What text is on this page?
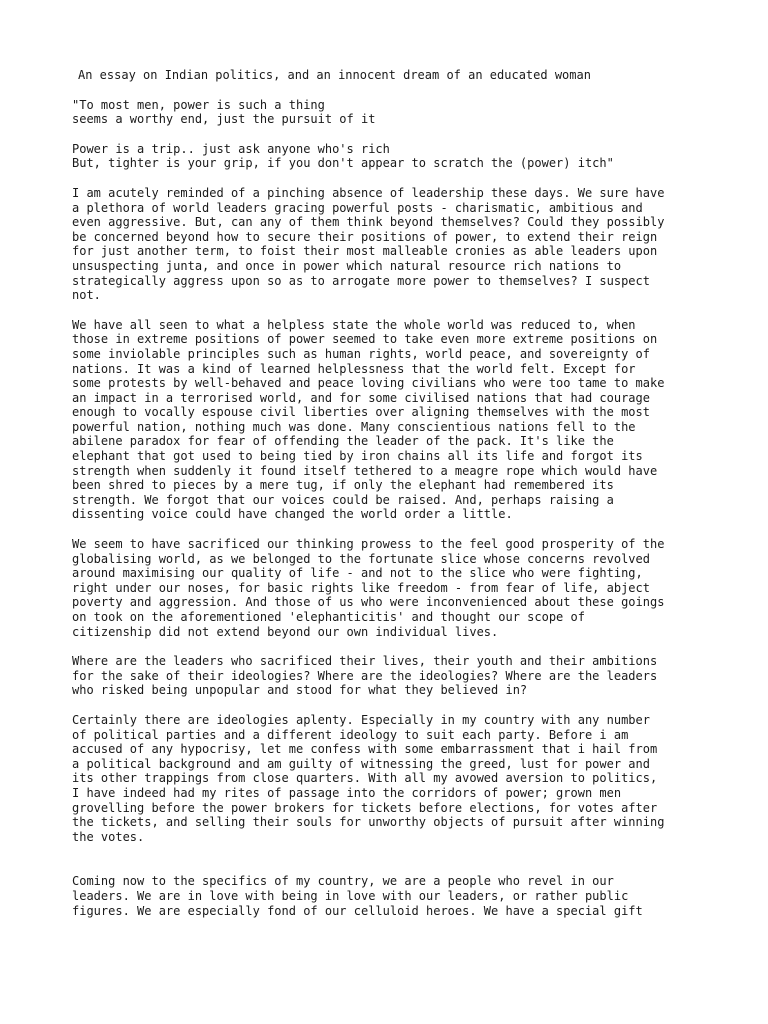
An essay on Indian politics, and an innocent dream of an educated woman
"To most men, power is such a thing
seems a worthy end, just the pursuit of it
Power is a trip.. just ask anyone who's rich
But, tighter is your grip, if you don't appear to scratch the (power) itch"
I am acutely reminded of a pinching absence of leadership these days. We sure have
a plethora of world leaders gracing powerful posts - charismatic, ambitious and
even aggressive. But, can any of them think beyond themselves? Could they possibly
be concerned beyond how to secure their positions of power, to extend their reign
for just another term, to foist their most malleable cronies as able leaders upon
unsuspecting junta, and once in power which natural resource rich nations to
strategically aggress upon so as to arrogate more power to themselves? I suspect
not.
We have all seen to what a helpless state the whole world was reduced to, when
those in extreme positions of power seemed to take even more extreme positions on
some inviolable principles such as human rights, world peace, and sovereignty of
nations. It was a kind of learned helplessness that the world felt. Except for
some protests by well-behaved and peace loving civilians who were too tame to make
an impact in a terrorised world, and for some civilised nations that had courage
enough to vocally espouse civil liberties over aligning themselves with the most
powerful nation, nothing much was done. Many conscientious nations fell to the
abilene paradox for fear of offending the leader of the pack. It's like the
elephant that got used to being tied by iron chains all its life and forgot its
strength when suddenly it found itself tethered to a meagre rope which would have
been shred to pieces by a mere tug, if only the elephant had remembered its
strength. We forgot that our voices could be raised. And, perhaps raising a
dissenting voice could have changed the world order a little.
We seem to have sacrificed our thinking prowess to the feel good prosperity of the
globalising world, as we belonged to the fortunate slice whose concerns revolved
around maximising our quality of life - and not to the slice who were fighting,
right under our noses, for basic rights like freedom - from fear of life, abject
poverty and aggression. And those of us who were inconvenienced about these goings
on took on the aforementioned 'elephanticitis' and thought our scope of
citizenship did not extend beyond our own individual lives.
Where are the leaders who sacrificed their lives, their youth and their ambitions
for the sake of their ideologies? Where are the ideologies? Where are the leaders
who risked being unpopular and stood for what they believed in?
Certainly there are ideologies aplenty. Especially in my country with any number
of political parties and a different ideology to suit each party. Before i am
accused of any hypocrisy, let me confess with some embarrassment that i hail from
a political background and am guilty of witnessing the greed, lust for power and
its other trappings from close quarters. With all my avowed aversion to politics,
I have indeed had my rites of passage into the corridors of power; grown men
grovelling before the power brokers for tickets before elections, for votes after
the tickets, and selling their souls for unworthy objects of pursuit after winning
the votes.
Coming now to the specifics of my country, we are a people who revel in our
leaders. We are in love with being in love with our leaders, or rather public
figures. We are especially fond of our celluloid heroes. We have a special gift
